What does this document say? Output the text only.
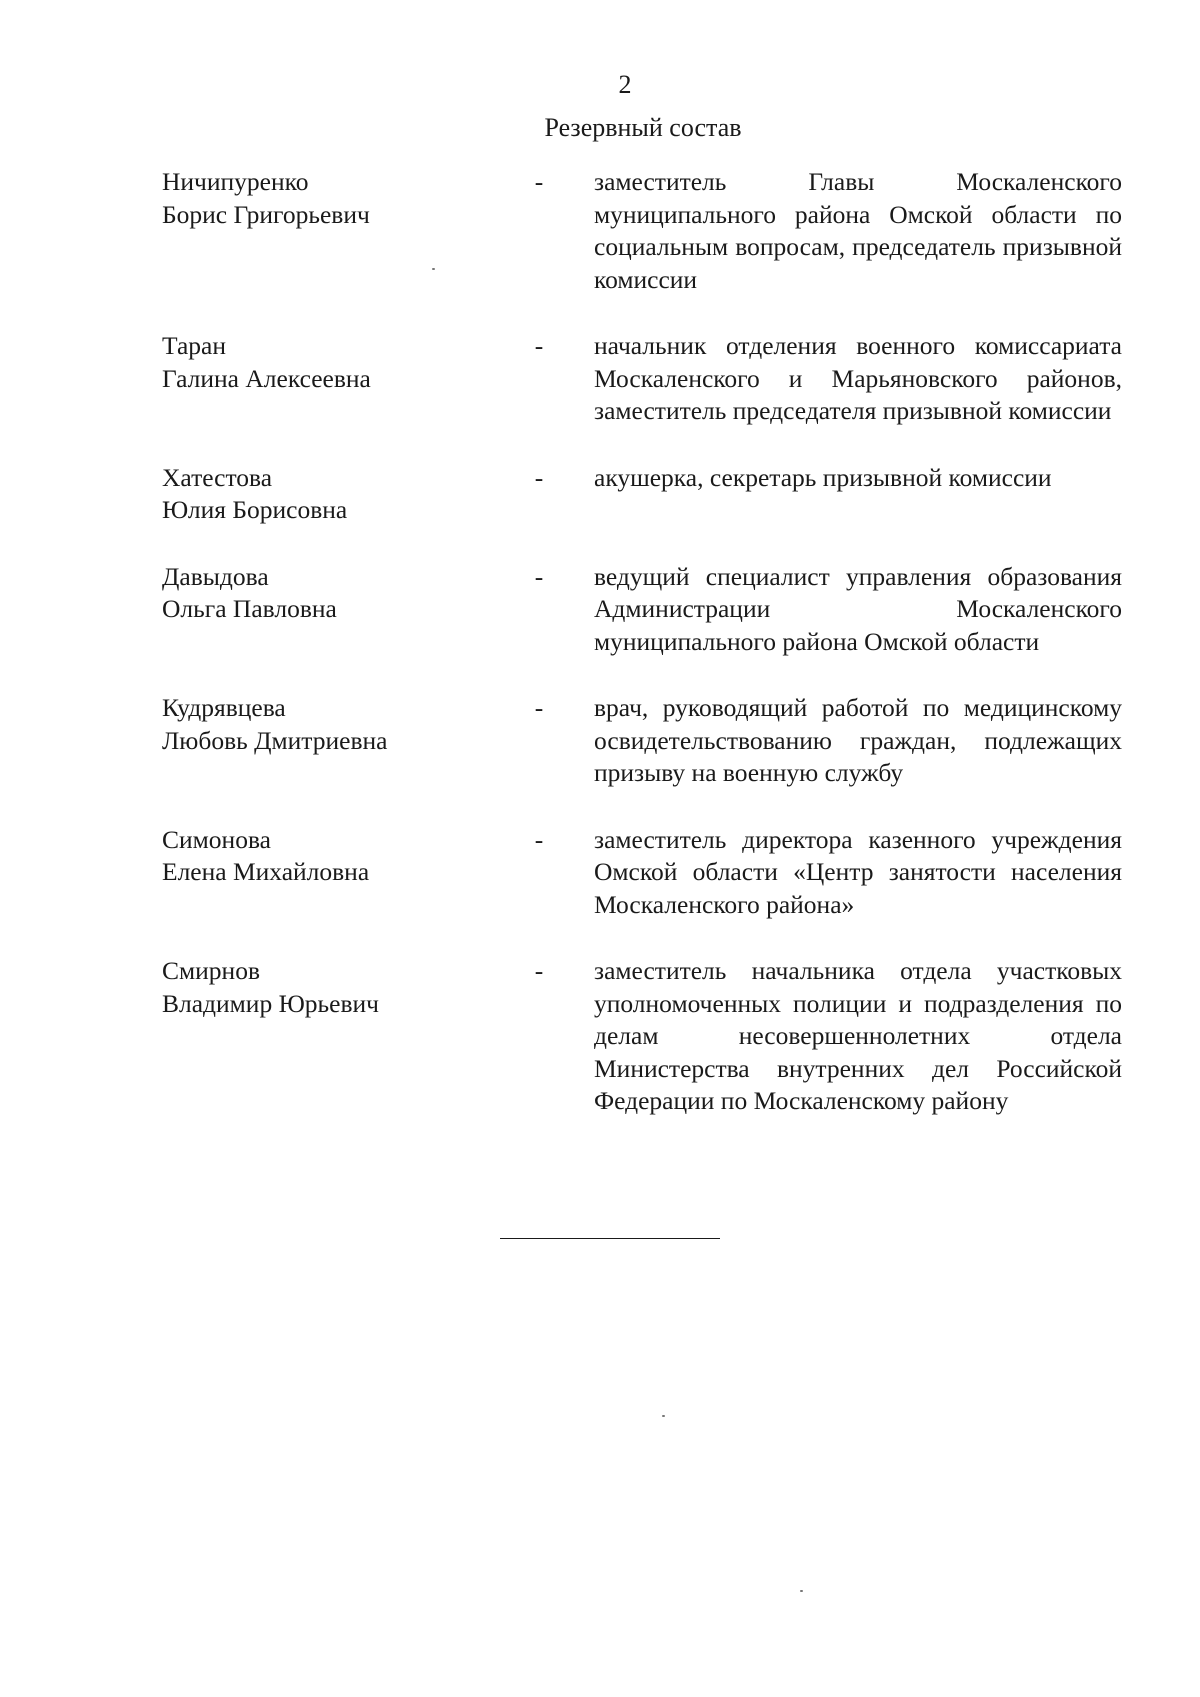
2
Резервный состав
Ничипуренко
Борис Григорьевич
-	заместитель Главы Москаленского муниципального района Омской области по социальным вопросам, председатель призывной комиссии
Таран
Галина Алексеевна
-	начальник отделения военного комиссариата Москаленского и Марьяновского районов, заместитель председателя призывной комиссии
Хатестова
Юлия Борисовна
-	акушерка, секретарь призывной комиссии
Давыдова
Ольга Павловна
-	ведущий специалист управления образования Администрации Москаленского муниципального района Омской области
Кудрявцева
Любовь Дмитриевна
-	врач, руководящий работой по медицинскому освидетельствованию граждан, подлежащих призыву на военную службу
Симонова
Елена Михайловна
-	заместитель директора казенного учреждения Омской области «Центр занятости населения Москаленского района»
Смирнов
Владимир Юрьевич
-	заместитель начальника отдела участковых уполномоченных полиции и подразделения по делам несовершеннолетних отдела Министерства внутренних дел Российской Федерации по Москаленскому району
